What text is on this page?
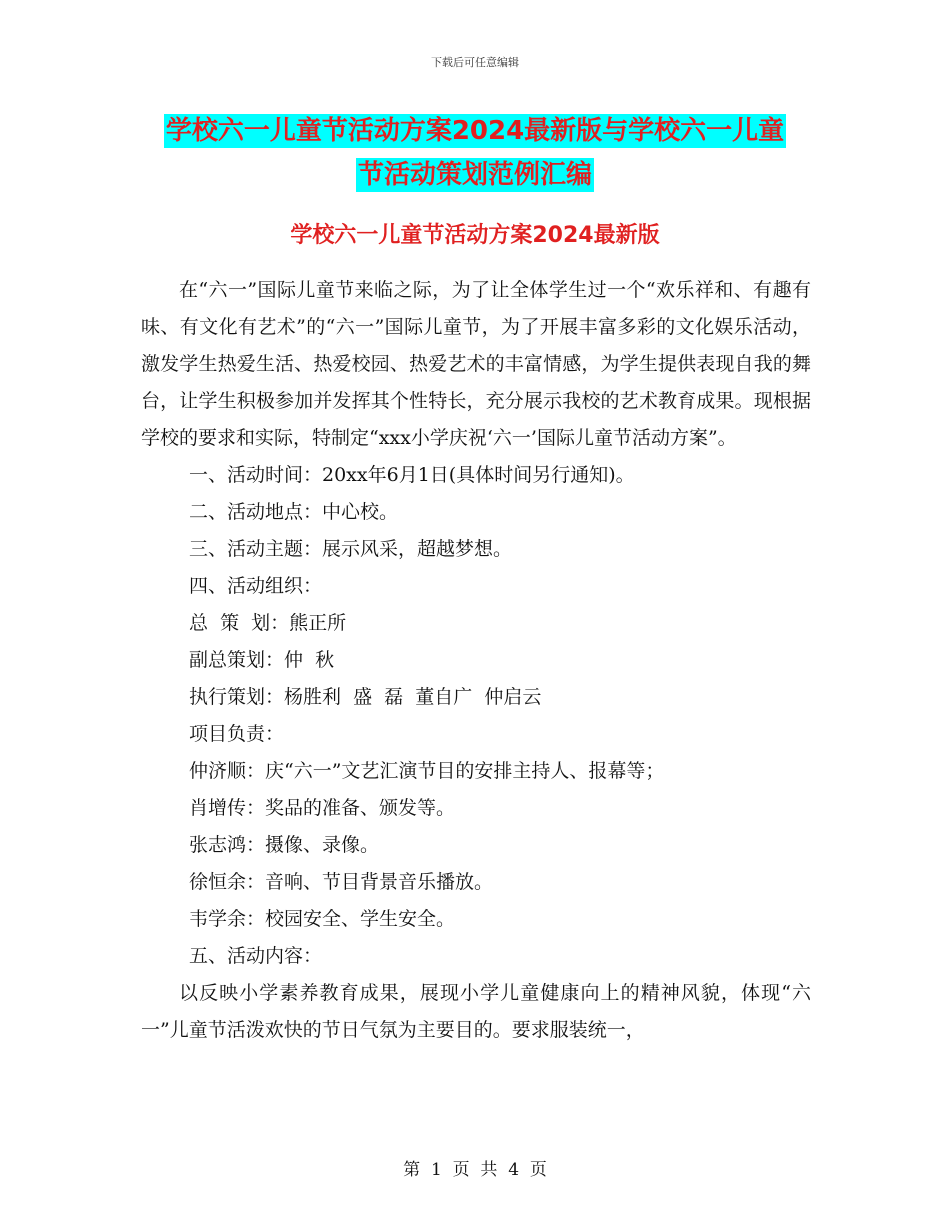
下载后可任意编辑
学校六一儿童节活动方案2024最新版与学校六一儿童
节活动策划范例汇编
学校六一儿童节活动方案2024最新版

在“六一”国际儿童节来临之际，为了让全体学生过一个“欢乐祥和、有趣有味、有文化有艺术”的“六一”国际儿童节，为了开展丰富多彩的文化娱乐活动，激发学生热爱生活、热爱校园、热爱艺术的丰富情感，为学生提供表现自我的舞台，让学生积极参加并发挥其个性特长，充分展示我校的艺术教育成果。现根据学校的要求和实际，特制定“xxx小学庆祝‘六一’国际儿童节活动方案”。

一、活动时间：20xx年6月1日(具体时间另行通知)。

二、活动地点：中心校。

三、活动主题：展示风采，超越梦想。

四、活动组织：

总  策  划：熊正所

副总策划：仲  秋

执行策划：杨胜利  盛  磊  董自广  仲启云

项目负责：

仲济顺：庆“六一”文艺汇演节目的安排主持人、报幕等；

肖增传：奖品的准备、颁发等。

张志鸿：摄像、录像。

徐恒余：音响、节目背景音乐播放。

韦学余：校园安全、学生安全。

五、活动内容：

以反映小学素养教育成果，展现小学儿童健康向上的精神风貌，体现“六一”儿童节活泼欢快的节日气氛为主要目的。要求服装统一，

第  1  页  共  4  页
